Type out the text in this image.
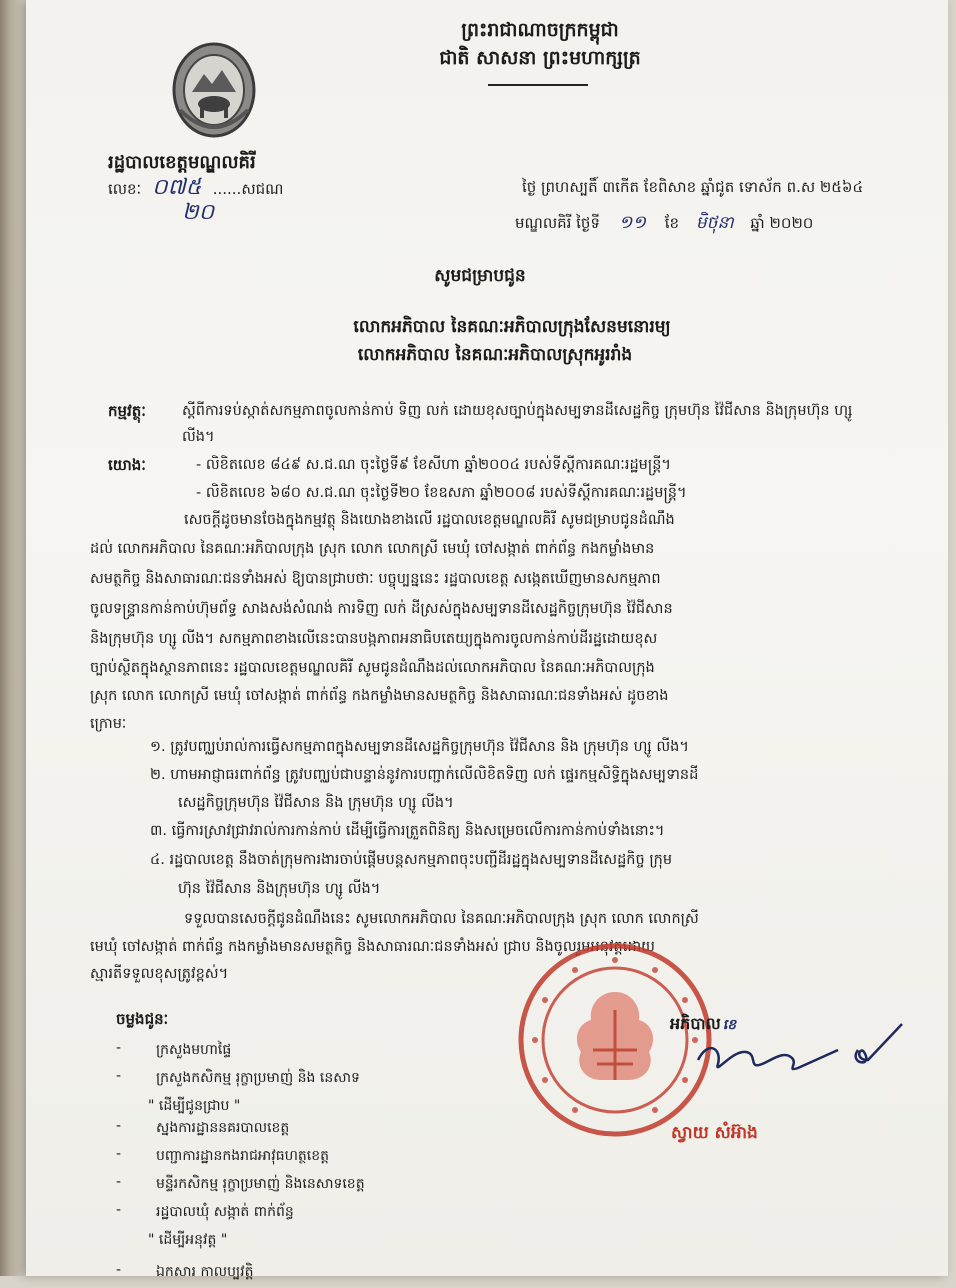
ព្រះរាជាណាចក្រកម្ពុជា
ជាតិ សាសនា ព្រះមហាក្សត្រ
រដ្ឋបាលខេត្តមណ្ឌលគិរី
លេខៈ	......សជណ
០៧៥
២០
ថ្ងៃ ព្រហស្បតិ៍ ៣កើត ខែពិសាខ ឆ្នាំជូត ទោស័ក ព.ស ២៥៦៤
មណ្ឌលគិរី ថ្ងៃទី ១១ ខែ មិថុនា ឆ្នាំ ២០២០
សូមជម្រាបជូន
លោកអភិបាល នៃគណៈអភិបាលក្រុងសែនមនោរម្យ
លោកអភិបាល នៃគណៈអភិបាលស្រុកអូររាំង
កម្មវត្ថុៈ ស្ដីពីការទប់ស្កាត់សកម្មភាពចូលកាន់កាប់ ទិញ លក់ ដោយខុសច្បាប់ក្នុងសម្បទានដីសេដ្ឋកិច្ច ក្រុមហ៊ុន វ៉ៃជីសាន និងក្រុមហ៊ុន ហ្សូ លីង។
យោងៈ	- លិខិតលេខ ៨៤៩ ស.ជ.ណ ចុះថ្ងៃទី៩ ខែសីហា ឆ្នាំ២០០៤ របស់ទីស្ដីការគណៈរដ្ឋមន្ត្រី។
- លិខិតលេខ ៦៨០ ស.ជ.ណ ចុះថ្ងៃទី២០ ខែឧសភា ឆ្នាំ២០០៨ របស់ទីស្ដីការគណៈរដ្ឋមន្ត្រី។
សេចក្ដីដូចមានចែងក្នុងកម្មវត្ថុ និងយោងខាងលើ រដ្ឋបាលខេត្តមណ្ឌលគិរី សូមជម្រាបជូនដំណឹង
ដល់ លោកអភិបាល នៃគណៈអភិបាលក្រុង ស្រុក លោក លោកស្រី មេឃុំ ចៅសង្កាត់ ពាក់ព័ន្ធ កងកម្លាំងមាន
សមត្ថកិច្ច និងសាធារណៈជនទាំងអស់ ឱ្យបានជ្រាបថាៈ បច្ចុប្បន្ននេះ រដ្ឋបាលខេត្ត សង្កេតឃើញមានសកម្មភាព
ចូលទន្ទ្រានកាន់កាប់ហ៊ុមព័ទ្ធ សាងសង់សំណង់ ការទិញ លក់ ដីស្រស់ក្នុងសម្បទានដីសេដ្ឋកិច្ចក្រុមហ៊ុន វ៉ៃជីសាន
និងក្រុមហ៊ុន ហ្សូ លីង។ សកម្មភាពខាងលើនេះបានបង្កភាពអនាធិបតេយ្យក្នុងការចូលកាន់កាប់ដីរដ្ឋដោយខុស
ច្បាប់ស្ថិតក្នុងស្ថានភាពនេះ រដ្ឋបាលខេត្តមណ្ឌលគិរី សូមជូនដំណឹងដល់លោកអភិបាល នៃគណៈអភិបាលក្រុង
ស្រុក លោក លោកស្រី មេឃុំ ចៅសង្កាត់ ពាក់ព័ន្ធ កងកម្លាំងមានសមត្ថកិច្ច និងសាធារណៈជនទាំងអស់ ដូចខាង
ក្រោមៈ
១. ត្រូវបញ្ឈប់រាល់ការធ្វើសកម្មភាពក្នុងសម្បទានដីសេដ្ឋកិច្ចក្រុមហ៊ុន វ៉ៃជីសាន និង ក្រុមហ៊ុន ហ្សូ លីង។
២. ហាមអាជ្ញាធរពាក់ព័ន្ធ ត្រូវបញ្ឈប់ជាបន្ទាន់នូវការបញ្ជាក់លើលិខិតទិញ លក់ ផ្ទេរកម្មសិទ្ធិក្នុងសម្បទានដី
សេដ្ឋកិច្ចក្រុមហ៊ុន វ៉ៃជីសាន និង ក្រុមហ៊ុន ហ្សូ លីង។
៣. ធ្វើការស្រាវជ្រាវរាល់ការកាន់កាប់ ដើម្បីធ្វើការត្រួតពិនិត្យ និងសម្រេចលើការកាន់កាប់ទាំងនោះ។
៤. រដ្ឋបាលខេត្ត នឹងចាត់ក្រុមការងារចាប់ផ្ដើមបន្តសកម្មភាពចុះបញ្ជីដីរដ្ឋក្នុងសម្បទានដីសេដ្ឋកិច្ច ក្រុម
ហ៊ុន វ៉ៃជីសាន និងក្រុមហ៊ុន ហ្សូ លីង។
ទទួលបានសេចក្ដីជូនដំណឹងនេះ សូមលោកអភិបាល នៃគណៈអភិបាលក្រុង ស្រុក លោក លោកស្រី
មេឃុំ ចៅសង្កាត់ ពាក់ព័ន្ធ កងកម្លាំងមានសមត្ថកិច្ច និងសាធារណៈជនទាំងអស់ ជ្រាប និងចូលរួមអនុវត្តដោយ
ស្មារតីទទួលខុសត្រូវខ្ពស់។
អភិបាល ខេ
ស្វាយ សំអ៊ាង
ចម្លងជូនៈ
- ក្រសួងមហាផ្ទៃ
- ក្រសួងកសិកម្ម រុក្ខាប្រមាញ់ និង នេសាទ
" ដើម្បីជូនជ្រាប "
- ស្នងការដ្ឋាននគរបាលខេត្ត
- បញ្ជាការដ្ឋានកងរាជអាវុធហត្ថខេត្ត
- មន្ទីរកសិកម្ម រុក្ខាប្រមាញ់ និងនេសាទខេត្ត
- រដ្ឋបាលឃុំ សង្កាត់ ពាក់ព័ន្ធ
" ដើម្បីអនុវត្ត "
- ឯកសារ កាលប្បវត្តិ
